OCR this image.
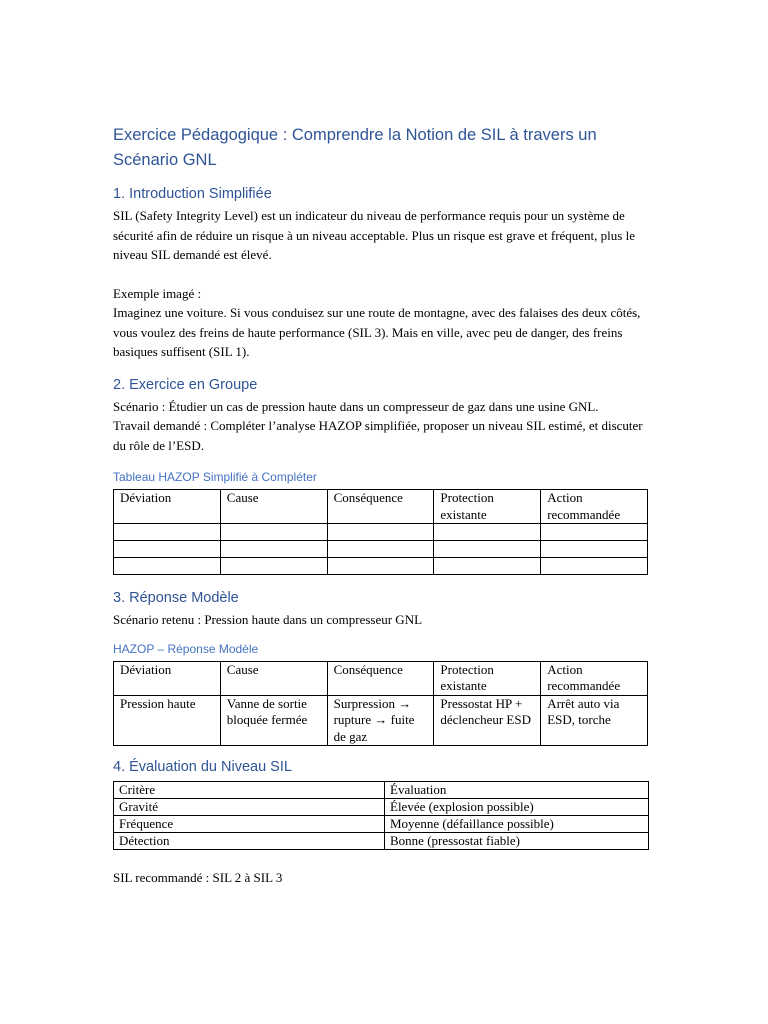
Exercice Pédagogique : Comprendre la Notion de SIL à travers un Scénario GNL
1. Introduction Simplifiée

SIL (Safety Integrity Level) est un indicateur du niveau de performance requis pour un système de sécurité afin de réduire un risque à un niveau acceptable. Plus un risque est grave et fréquent, plus le niveau SIL demandé est élevé.

Exemple imagé :

Imaginez une voiture. Si vous conduisez sur une route de montagne, avec des falaises des deux côtés, vous voulez des freins de haute performance (SIL 3). Mais en ville, avec peu de danger, des freins basiques suffisent (SIL 1).

2. Exercice en Groupe

Scénario : Étudier un cas de pression haute dans un compresseur de gaz dans une usine GNL.

Travail demandé : Compléter l’analyse HAZOP simplifiée, proposer un niveau SIL estimé, et discuter du rôle de l’ESD.

Tableau HAZOP Simplifié à Compléter
Déviation	Cause	Conséquence	Protection existante	Action recommandée

3. Réponse Modèle

Scénario retenu : Pression haute dans un compresseur GNL

HAZOP – Réponse Modèle
Déviation	Cause	Conséquence	Protection existante	Action recommandée
Pression haute	Vanne de sortie bloquée fermée	Surpression → rupture → fuite de gaz	Pressostat HP + déclencheur ESD	Arrêt auto via ESD, torche
4. Évaluation du Niveau SIL
Critère	Évaluation
Gravité	Élevée (explosion possible)
Fréquence	Moyenne (défaillance possible)
Détection	Bonne (pressostat fiable)

SIL recommandé : SIL 2 à SIL 3
